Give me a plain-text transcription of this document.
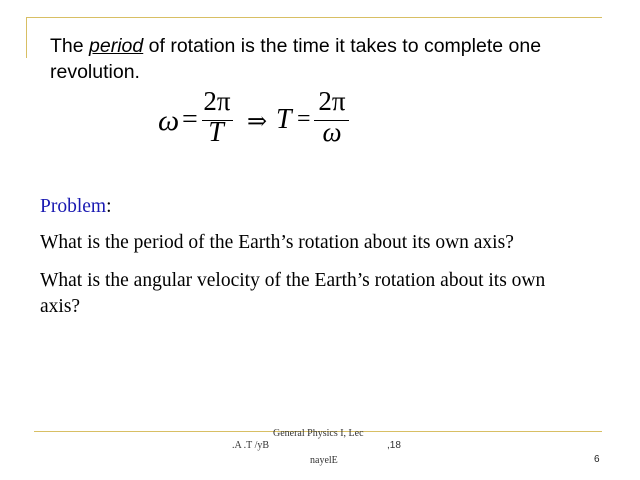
The period of rotation is the time it takes to complete one
revolution.
ω =
2π
T ⇒ T =
2π
ω
Problem:
What is the period of the Earth’s rotation about its own axis?
What is the angular velocity of the Earth’s rotation about its own
axis?
General Physics I, Lec
.A .T /yB	,18
nayelE	6
